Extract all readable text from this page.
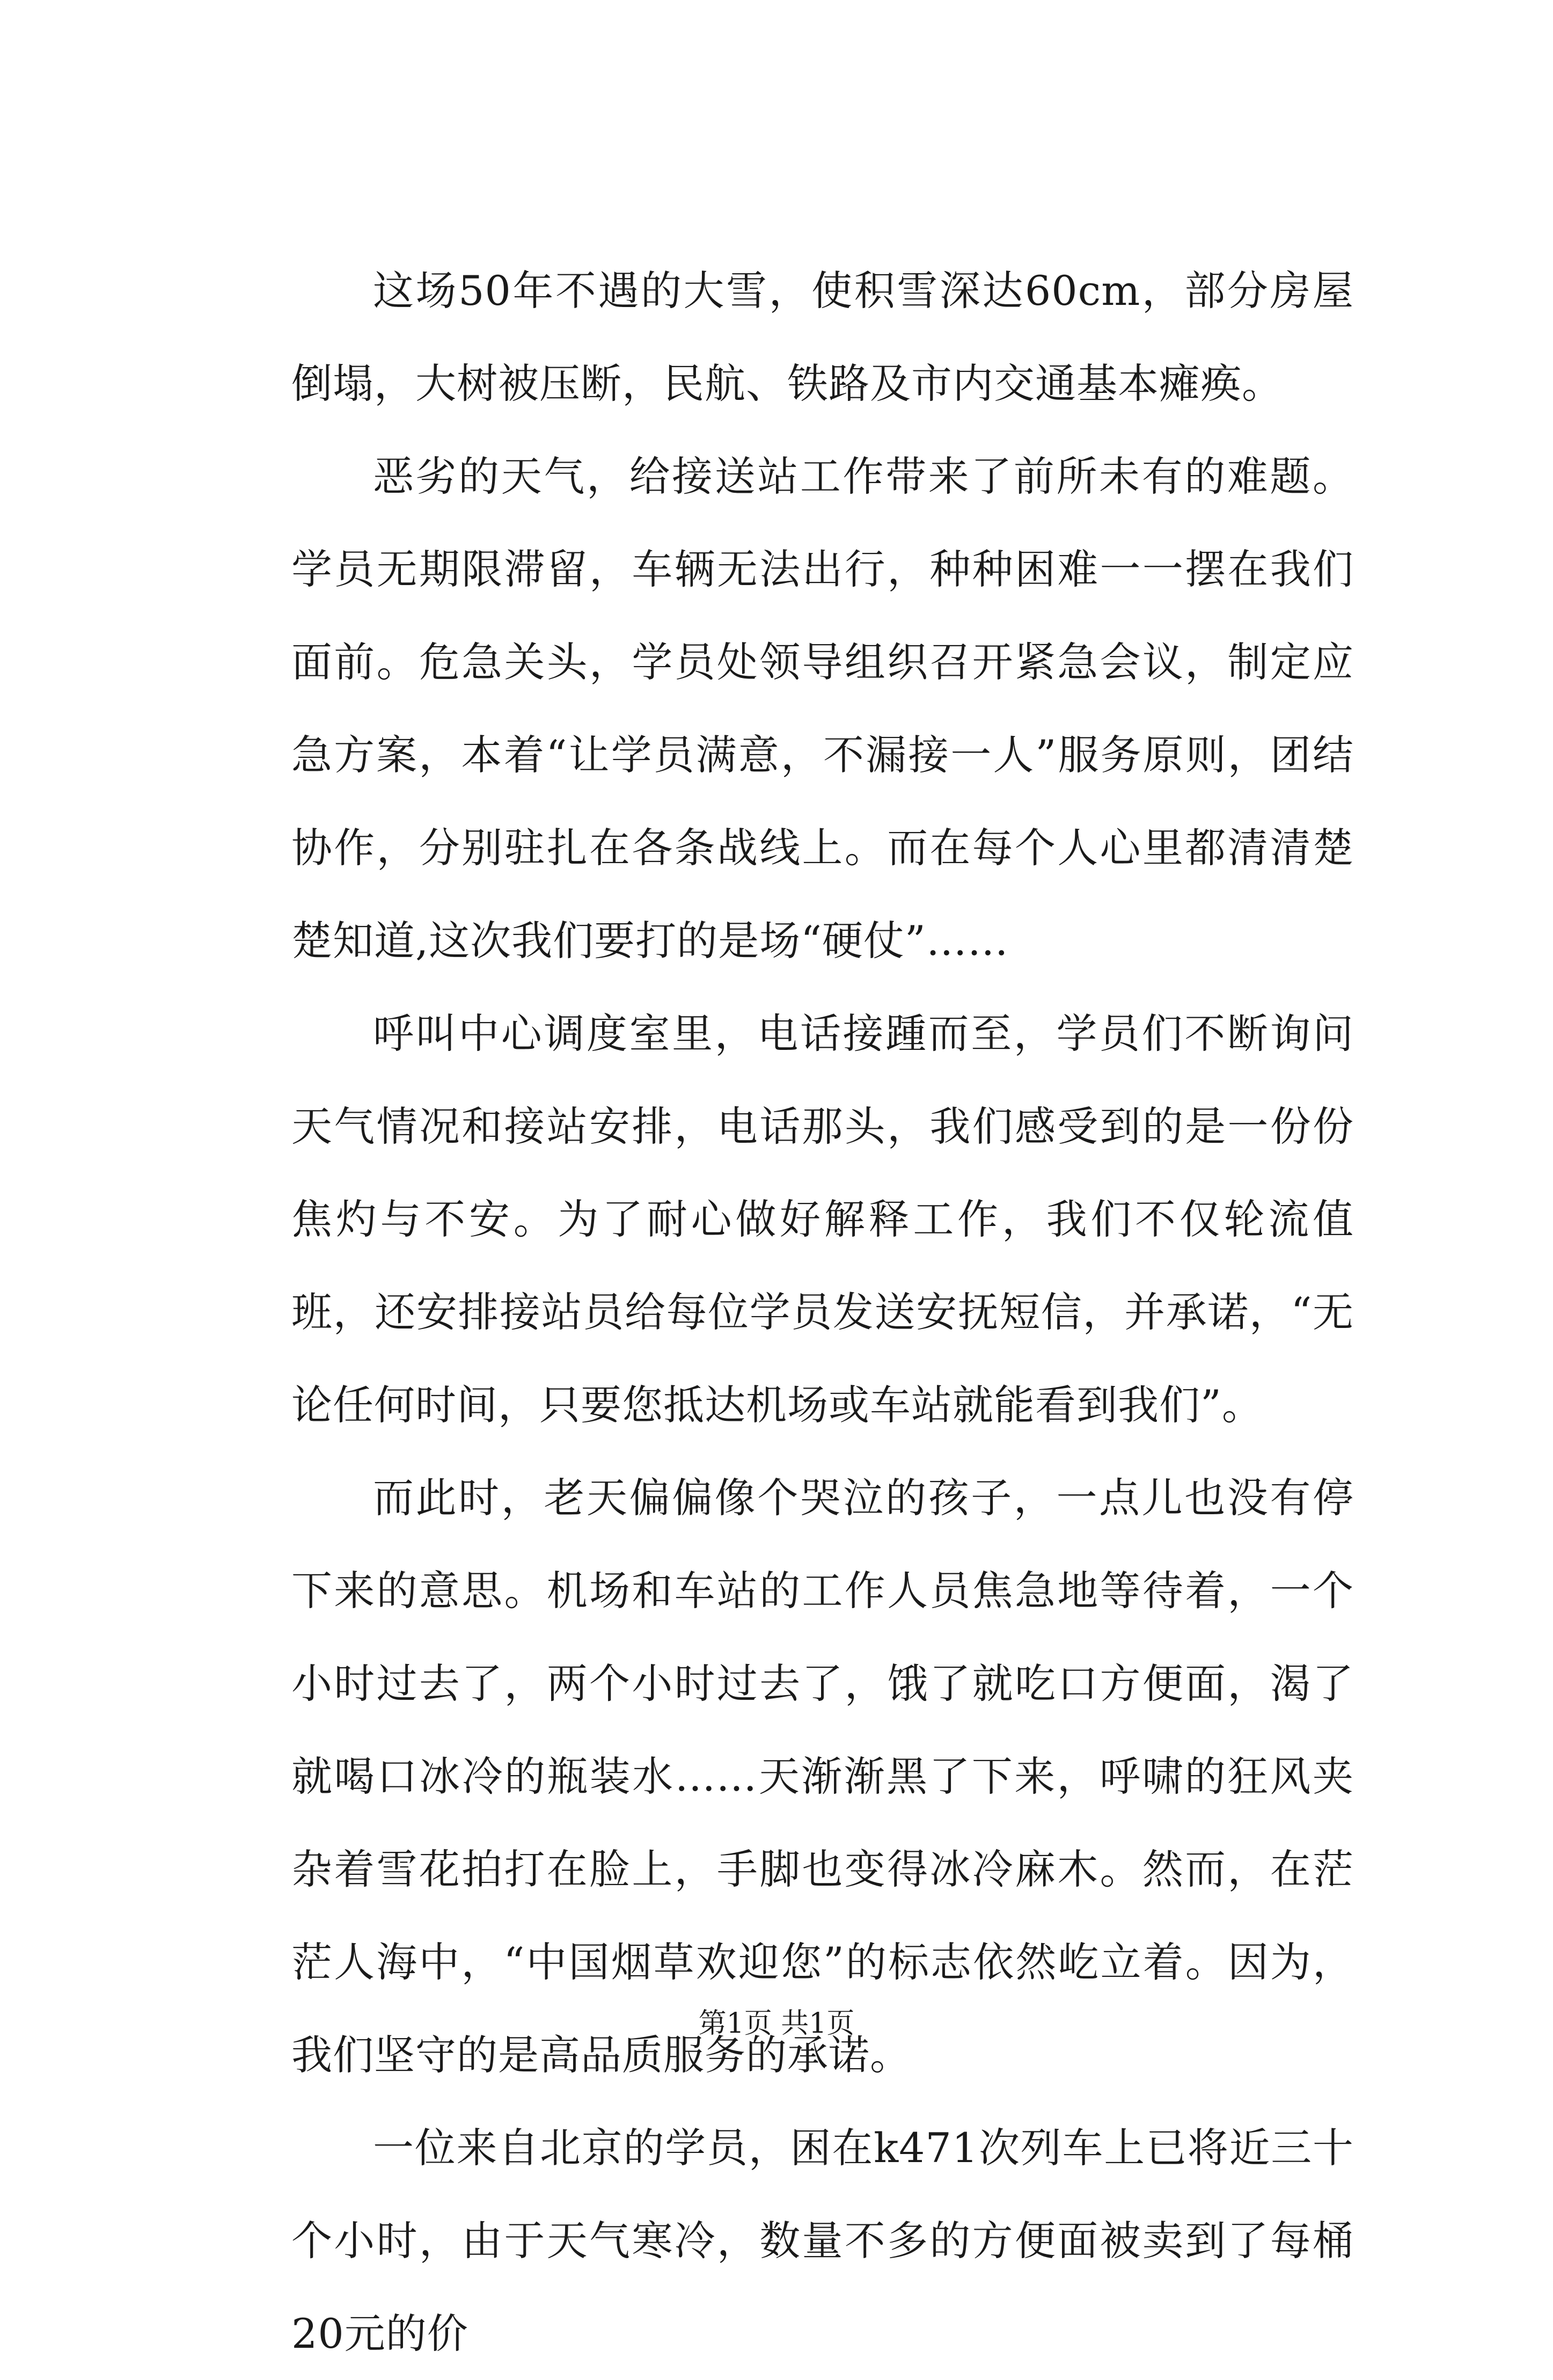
这场50年不遇的大雪，使积雪深达60cm，部分房屋倒塌，大树被压断，民航、铁路及市内交通基本瘫痪。

恶劣的天气，给接送站工作带来了前所未有的难题。学员无期限滞留，车辆无法出行，种种困难一一摆在我们面前。危急关头，学员处领导组织召开紧急会议，制定应急方案，本着“让学员满意，不漏接一人”服务原则，团结协作，分别驻扎在各条战线上。而在每个人心里都清清楚楚知道,这次我们要打的是场“硬仗”……

呼叫中心调度室里，电话接踵而至，学员们不断询问天气情况和接站安排，电话那头，我们感受到的是一份份焦灼与不安。为了耐心做好解释工作，我们不仅轮流值班，还安排接站员给每位学员发送安抚短信，并承诺，“无论任何时间，只要您抵达机场或车站就能看到我们”。

而此时，老天偏偏像个哭泣的孩子，一点儿也没有停下来的意思。机场和车站的工作人员焦急地等待着，一个小时过去了，两个小时过去了，饿了就吃口方便面，渴了就喝口冰冷的瓶装水……天渐渐黑了下来，呼啸的狂风夹杂着雪花拍打在脸上，手脚也变得冰冷麻木。然而，在茫茫人海中，“中国烟草欢迎您”的标志依然屹立着。因为，我们坚守的是高品质服务的承诺。

一位来自北京的学员，困在k471次列车上已将近三十个小时，由于天气寒冷，数量不多的方便面被卖到了每桶20元的价

第1页 共1页
